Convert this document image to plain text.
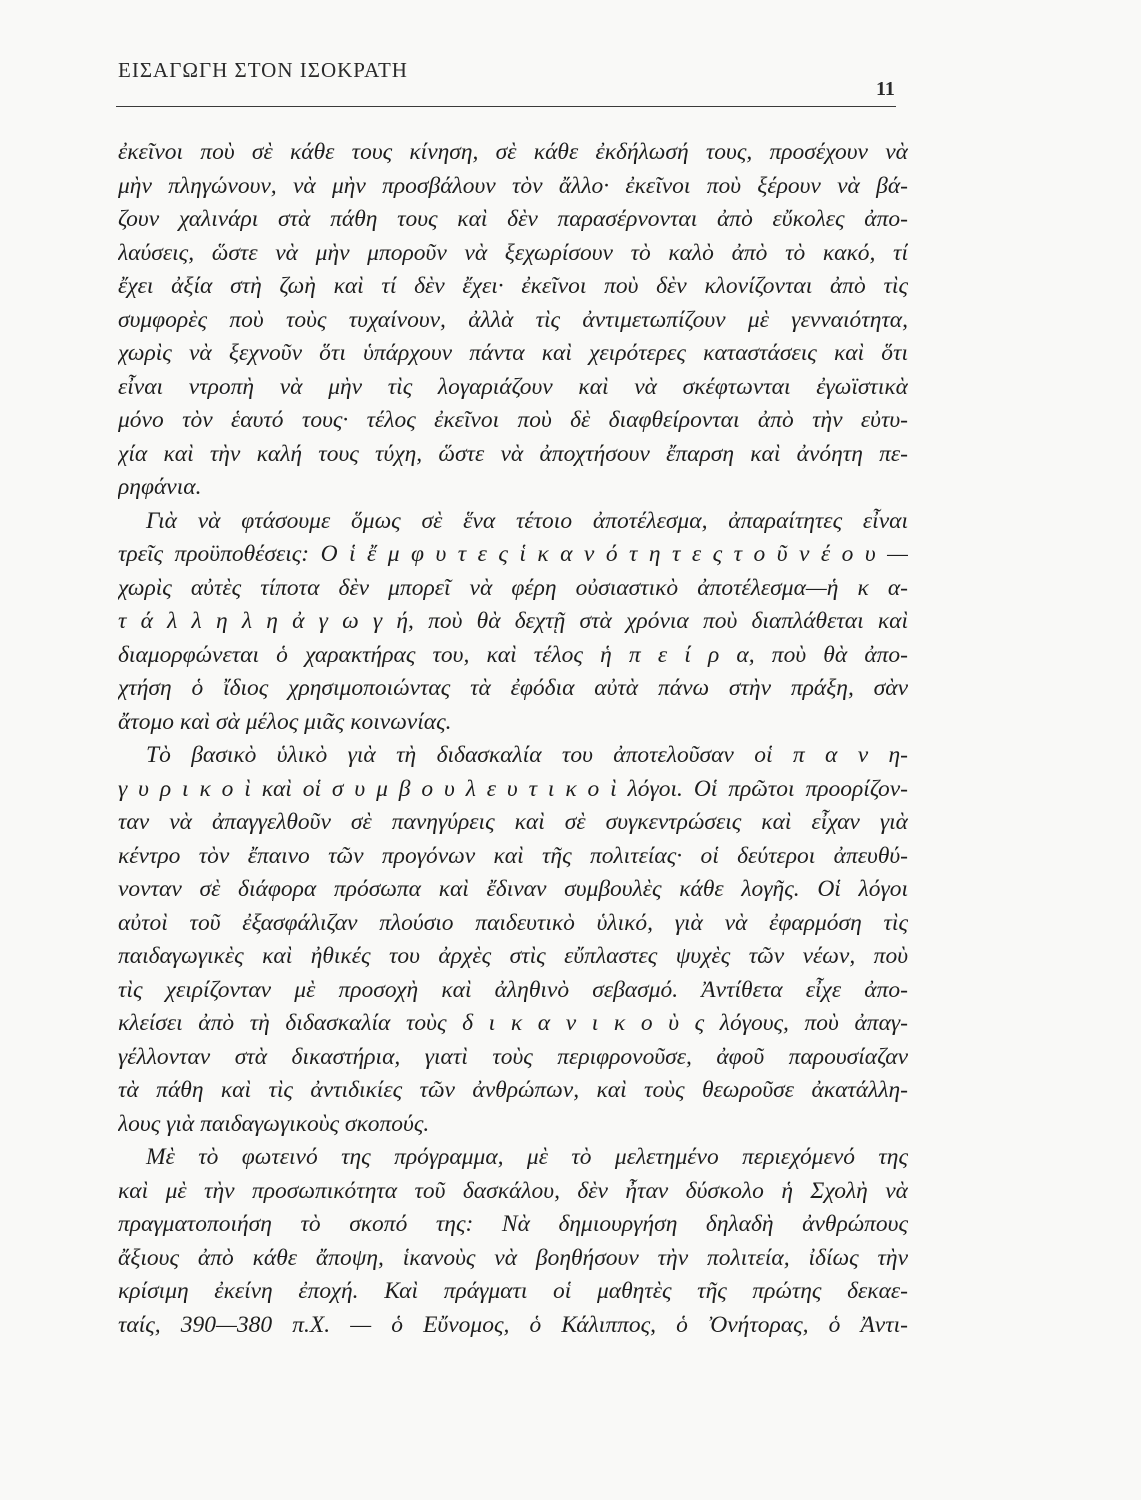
ΕΙΣΑΓΩΓΗ ΣΤΟΝ ΙΣΟΚΡΑΤΗ
11
ἐκεῖνοι ποὺ σὲ κάθε τους κίνηση, σὲ κάθε ἐκδήλωσή τους, προσέχουν νὰ
μὴν πληγώνουν, νὰ μὴν προσβάλουν τὸν ἄλλο· ἐκεῖνοι ποὺ ξέρουν νὰ βά-
ζουν χαλινάρι στὰ πάθη τους καὶ δὲν παρασέρνονται ἀπὸ εὔκολες ἀπο-
λαύσεις, ὥστε νὰ μὴν μποροῦν νὰ ξεχωρίσουν τὸ καλὸ ἀπὸ τὸ κακό, τί
ἔχει ἀξία στὴ ζωὴ καὶ τί δὲν ἔχει· ἐκεῖνοι ποὺ δὲν κλονίζονται ἀπὸ τὶς
συμφορὲς ποὺ τοὺς τυχαίνουν, ἀλλὰ τὶς ἀντιμετωπίζουν μὲ γενναιότητα,
χωρὶς νὰ ξεχνοῦν ὅτι ὑπάρχουν πάντα καὶ χειρότερες καταστάσεις καὶ ὅτι
εἶναι ντροπὴ νὰ μὴν τὶς λογαριάζουν καὶ νὰ σκέφτωνται ἐγωϊστικὰ
μόνο τὸν ἑαυτό τους· τέλος ἐκεῖνοι ποὺ δὲ διαφθείρονται ἀπὸ τὴν εὐτυ-
χία καὶ τὴν καλή τους τύχη, ὥστε νὰ ἀποχτήσουν ἔπαρση καὶ ἀνόητη πε-
ρηφάνια.
Γιὰ νὰ φτάσουμε ὅμως σὲ ἕνα τέτοιο ἀποτέλεσμα, ἀπαραίτητες εἶναι
τρεῖς προϋποθέσεις: Ο ἱ ἔ μ φ υ τ ε ς ἱ κ α ν ό τ η τ ε ς τ ο ῦ ν έ ο υ —
χωρὶς αὐτὲς τίποτα δὲν μπορεῖ νὰ φέρη οὐσιαστικὸ ἀποτέλεσμα—ἡ κ α-
τ ά λ λ η λ η ἀ γ ω γ ή, ποὺ θὰ δεχτῇ στὰ χρόνια ποὺ διαπλάθεται καὶ
διαμορφώνεται ὁ χαρακτήρας του, καὶ τέλος ἡ π ε ί ρ α, ποὺ θὰ ἀπο-
χτήση ὁ ἴδιος χρησιμοποιώντας τὰ ἐφόδια αὐτὰ πάνω στὴν πράξη, σὰν
ἄτομο καὶ σὰ μέλος μιᾶς κοινωνίας.
Τὸ βασικὸ ὑλικὸ γιὰ τὴ διδασκαλία του ἀποτελοῦσαν οἱ π α ν η-
γ υ ρ ι κ ο ὶ καὶ οἱ σ υ μ β ο υ λ ε υ τ ι κ ο ὶ λόγοι. Οἱ πρῶτοι προορίζον-
ταν νὰ ἀπαγγελθοῦν σὲ πανηγύρεις καὶ σὲ συγκεντρώσεις καὶ εἶχαν γιὰ
κέντρο τὸν ἔπαινο τῶν προγόνων καὶ τῆς πολιτείας· οἱ δεύτεροι ἀπευθύ-
νονταν σὲ διάφορα πρόσωπα καὶ ἔδιναν συμβουλὲς κάθε λογῆς. Οἱ λόγοι
αὐτοὶ τοῦ ἐξασφάλιζαν πλούσιο παιδευτικὸ ὑλικό, γιὰ νὰ ἐφαρμόση τὶς
παιδαγωγικὲς καὶ ἠθικές του ἀρχὲς στὶς εὔπλαστες ψυχὲς τῶν νέων, ποὺ
τὶς χειρίζονταν μὲ προσοχὴ καὶ ἀληθινὸ σεβασμό. Ἀντίθετα εἶχε ἀπο-
κλείσει ἀπὸ τὴ διδασκαλία τοὺς δ ι κ α ν ι κ ο ὺ ς λόγους, ποὺ ἀπαγ-
γέλλονταν στὰ δικαστήρια, γιατὶ τοὺς περιφρονοῦσε, ἀφοῦ παρουσίαζαν
τὰ πάθη καὶ τὶς ἀντιδικίες τῶν ἀνθρώπων, καὶ τοὺς θεωροῦσε ἀκατάλλη-
λους γιὰ παιδαγωγικοὺς σκοπούς.
Μὲ τὸ φωτεινό της πρόγραμμα, μὲ τὸ μελετημένο περιεχόμενό της
καὶ μὲ τὴν προσωπικότητα τοῦ δασκάλου, δὲν ἦταν δύσκολο ἡ Σχολὴ νὰ
πραγματοποιήση τὸ σκοπό της: Νὰ δημιουργήση δηλαδὴ ἀνθρώπους
ἄξιους ἀπὸ κάθε ἄποψη, ἱκανοὺς νὰ βοηθήσουν τὴν πολιτεία, ἰδίως τὴν
κρίσιμη ἐκείνη ἐποχή. Καὶ πράγματι οἱ μαθητὲς τῆς πρώτης δεκαε-
ταίς, 390—380 π.Χ. — ὁ Εὔνομος, ὁ Κάλιππος, ὁ Ὀνήτορας, ὁ Ἀντι-
